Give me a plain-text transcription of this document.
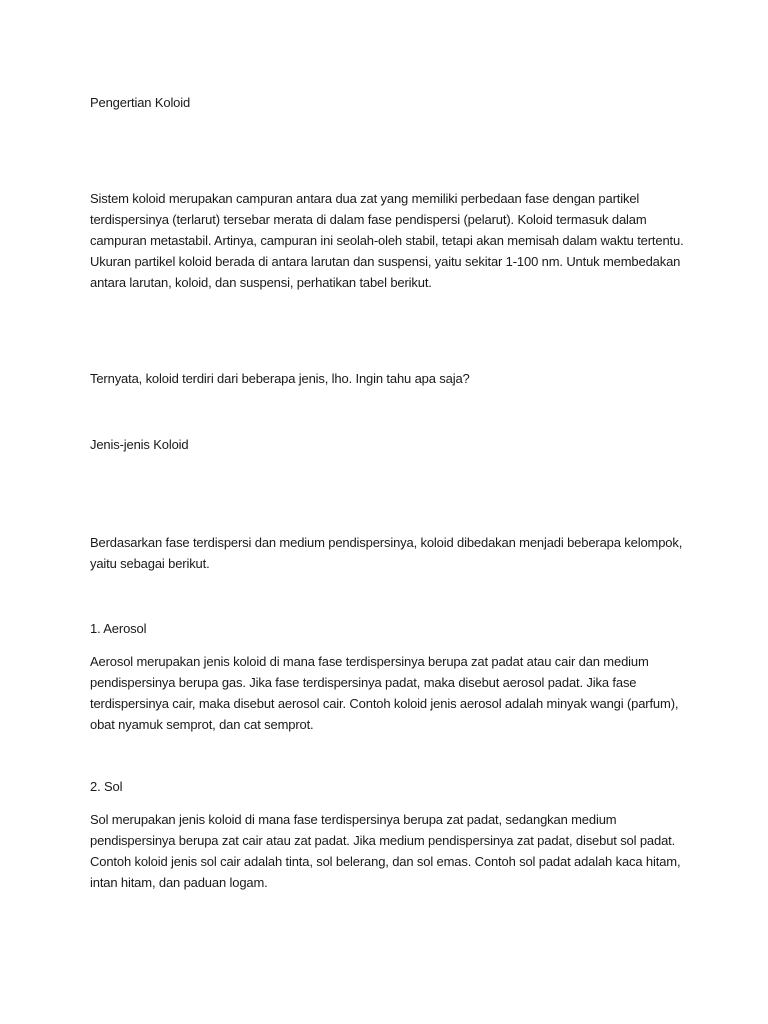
Pengertian Koloid

Sistem koloid merupakan campuran antara dua zat yang memiliki perbedaan fase dengan partikel terdispersinya (terlarut) tersebar merata di dalam fase pendispersi (pelarut). Koloid termasuk dalam campuran metastabil. Artinya, campuran ini seolah-oleh stabil, tetapi akan memisah dalam waktu tertentu. Ukuran partikel koloid berada di antara larutan dan suspensi, yaitu sekitar 1-100 nm. Untuk membedakan antara larutan, koloid, dan suspensi, perhatikan tabel berikut.

Ternyata, koloid terdiri dari beberapa jenis, lho. Ingin tahu apa saja?

Jenis-jenis Koloid

Berdasarkan fase terdispersi dan medium pendispersinya, koloid dibedakan menjadi beberapa kelompok, yaitu sebagai berikut.

1. Aerosol

Aerosol merupakan jenis koloid di mana fase terdispersinya berupa zat padat atau cair dan medium pendispersinya berupa gas. Jika fase terdispersinya padat, maka disebut aerosol padat. Jika fase terdispersinya cair, maka disebut aerosol cair. Contoh koloid jenis aerosol adalah minyak wangi (parfum), obat nyamuk semprot, dan cat semprot.

2. Sol

Sol merupakan jenis koloid di mana fase terdispersinya berupa zat padat, sedangkan medium pendispersinya berupa zat cair atau zat padat. Jika medium pendispersinya zat padat, disebut sol padat. Contoh koloid jenis sol cair adalah tinta, sol belerang, dan sol emas. Contoh sol padat adalah kaca hitam, intan hitam, dan paduan logam.
